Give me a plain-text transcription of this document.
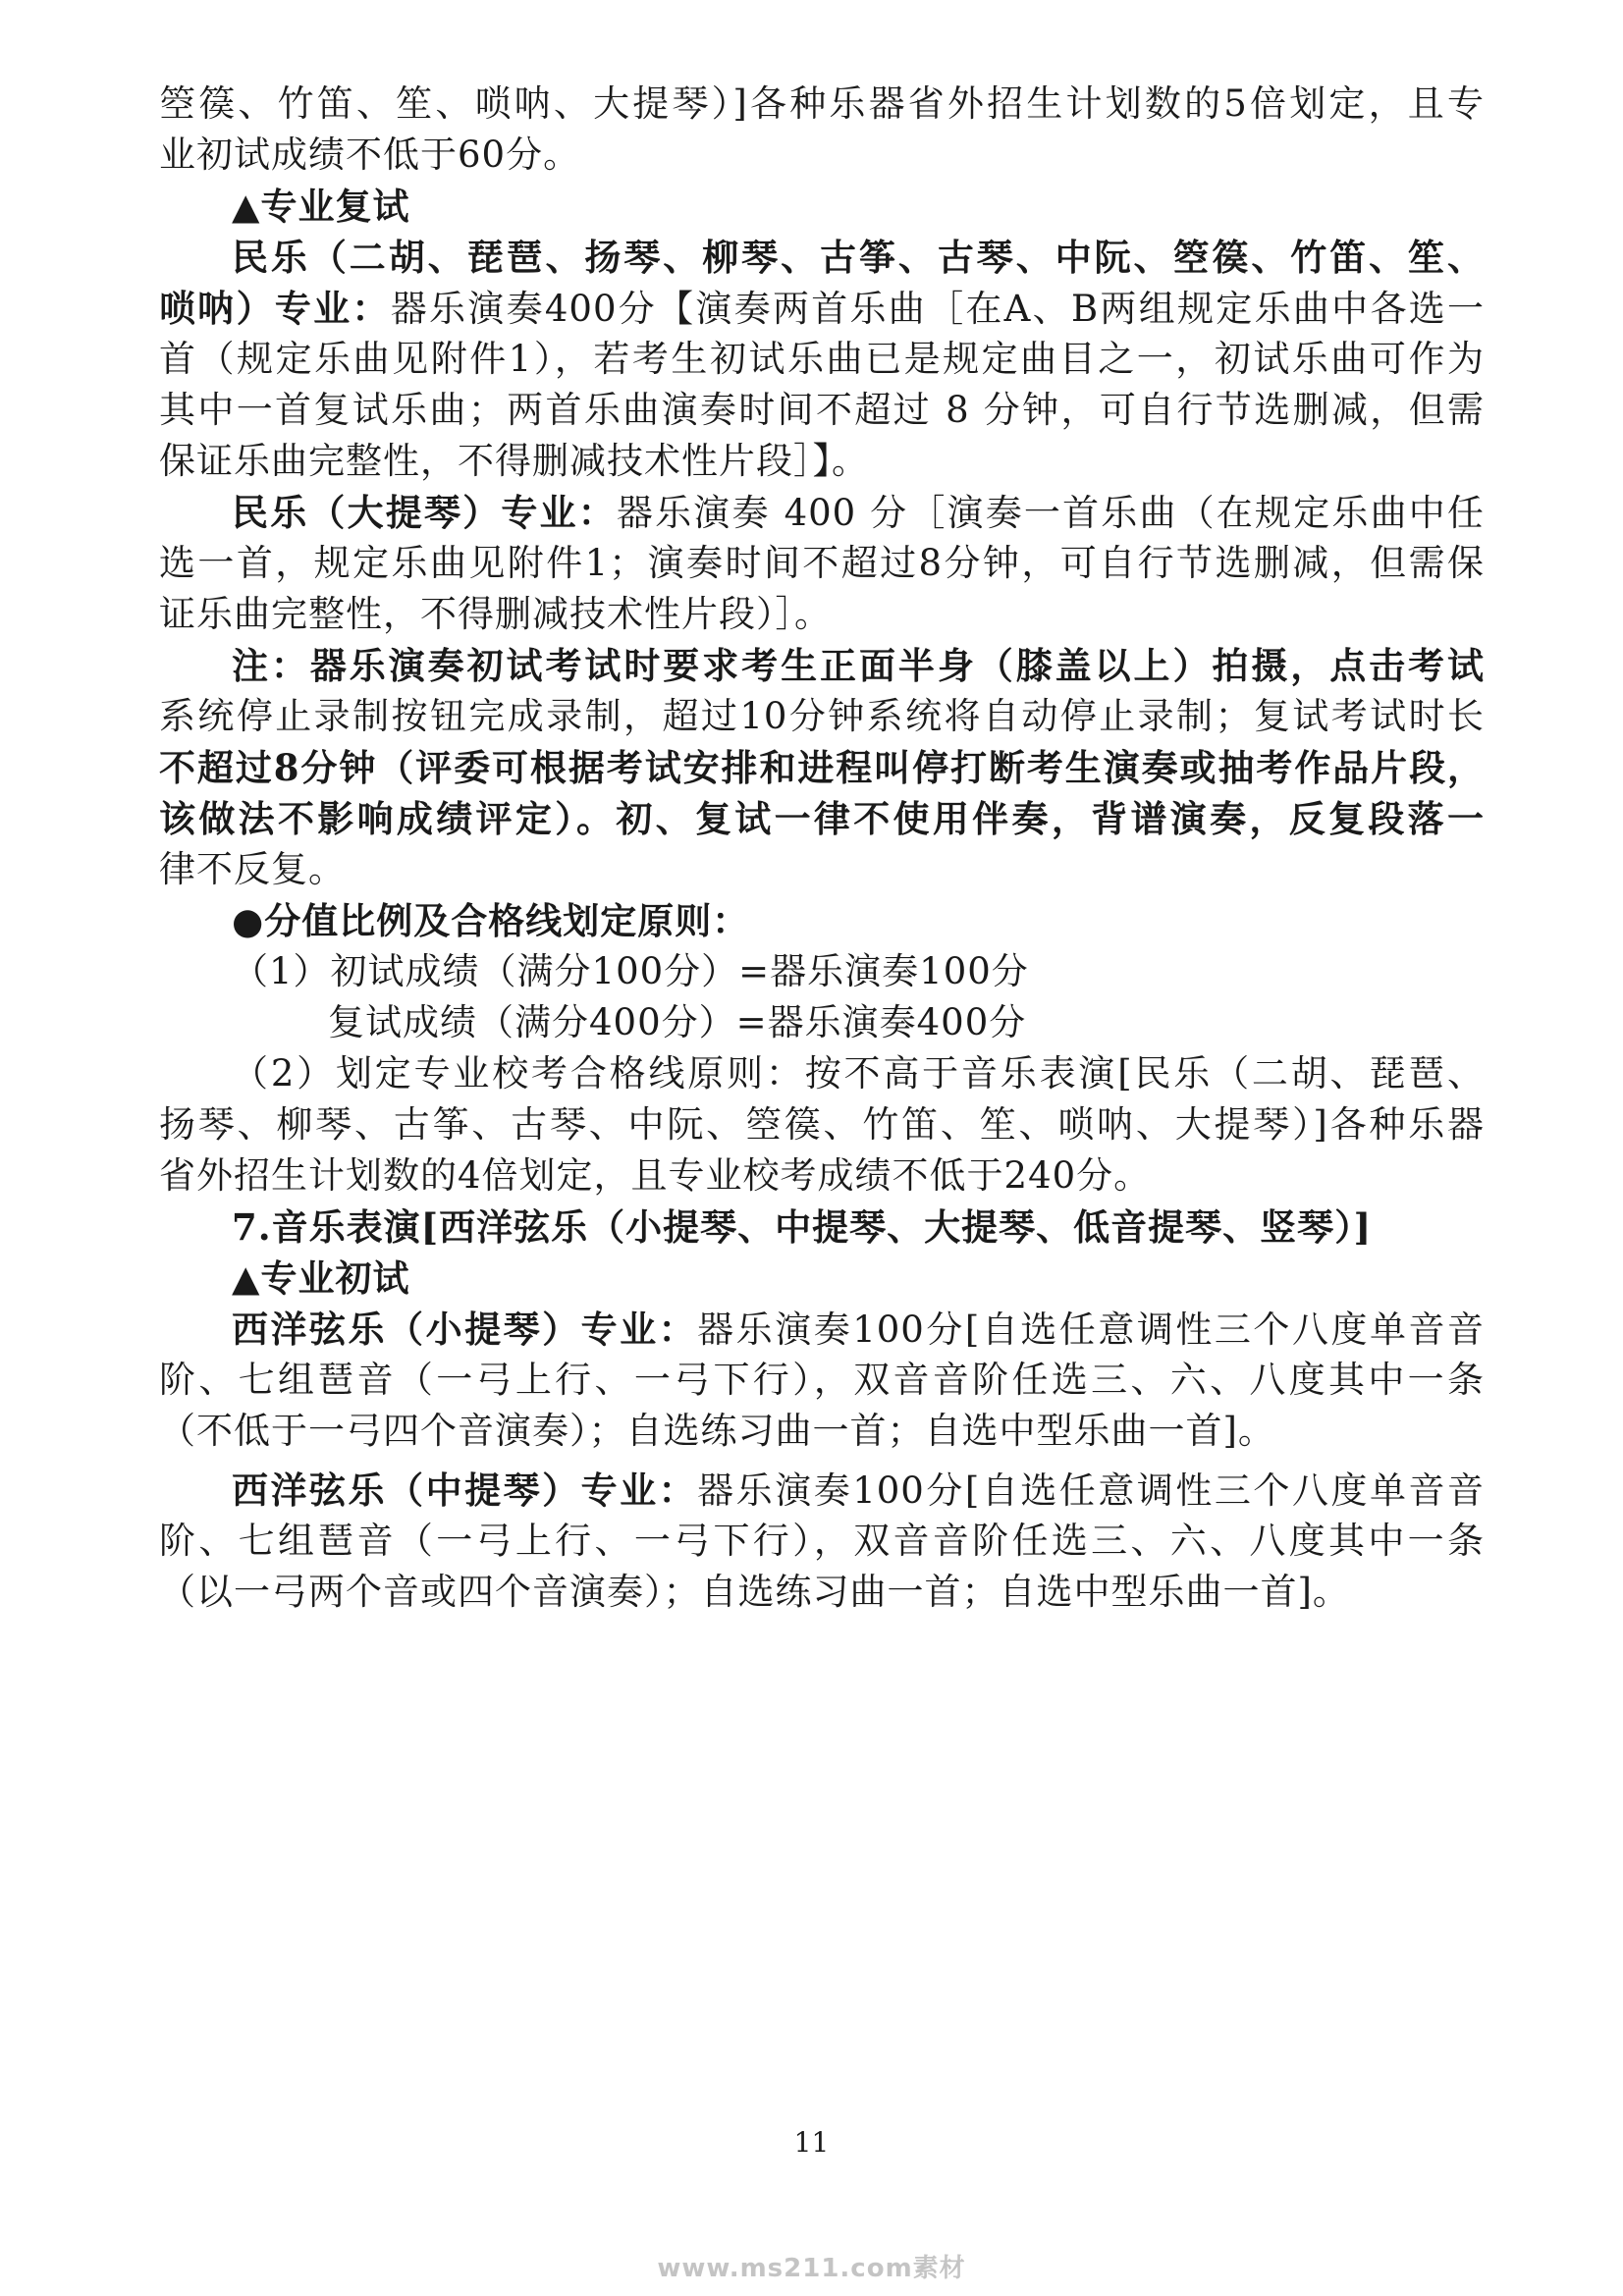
箜篌、竹笛、笙、唢呐、大提琴）]各种乐器省外招生计划数的5倍划定，且专
业初试成绩不低于60分。
▲专业复试
民乐（二胡、琵琶、扬琴、柳琴、古筝、古琴、中阮、箜篌、竹笛、笙、
唢呐）专业：器乐演奏400分【演奏两首乐曲［在A、B两组规定乐曲中各选一
首（规定乐曲见附件1），若考生初试乐曲已是规定曲目之一，初试乐曲可作为
其中一首复试乐曲；两首乐曲演奏时间不超过 8 分钟，可自行节选删减，但需
保证乐曲完整性，不得删减技术性片段］】。
民乐（大提琴）专业：器乐演奏 400 分［演奏一首乐曲（在规定乐曲中任
选一首，规定乐曲见附件1；演奏时间不超过8分钟，可自行节选删减，但需保
证乐曲完整性，不得删减技术性片段）］。
注：器乐演奏初试考试时要求考生正面半身（膝盖以上）拍摄，点击考试
系统停止录制按钮完成录制，超过10分钟系统将自动停止录制；复试考试时长
不超过8分钟（评委可根据考试安排和进程叫停打断考生演奏或抽考作品片段，
该做法不影响成绩评定）。初、复试一律不使用伴奏，背谱演奏，反复段落一
律不反复。
●分值比例及合格线划定原则：
（1）初试成绩（满分100分）=器乐演奏100分
复试成绩（满分400分）=器乐演奏400分
（2）划定专业校考合格线原则：按不高于音乐表演[民乐（二胡、琵琶、
扬琴、柳琴、古筝、古琴、中阮、箜篌、竹笛、笙、唢呐、大提琴）]各种乐器
省外招生计划数的4倍划定，且专业校考成绩不低于240分。
7.音乐表演[西洋弦乐（小提琴、中提琴、大提琴、低音提琴、竖琴）]
▲专业初试
西洋弦乐（小提琴）专业：器乐演奏100分[自选任意调性三个八度单音音
阶、七组琶音（一弓上行、一弓下行），双音音阶任选三、六、八度其中一条
（不低于一弓四个音演奏）；自选练习曲一首；自选中型乐曲一首]。
西洋弦乐（中提琴）专业：器乐演奏100分[自选任意调性三个八度单音音
阶、七组琶音（一弓上行、一弓下行），双音音阶任选三、六、八度其中一条
（以一弓两个音或四个音演奏）；自选练习曲一首；自选中型乐曲一首]。
11
www.ms211.com素材
